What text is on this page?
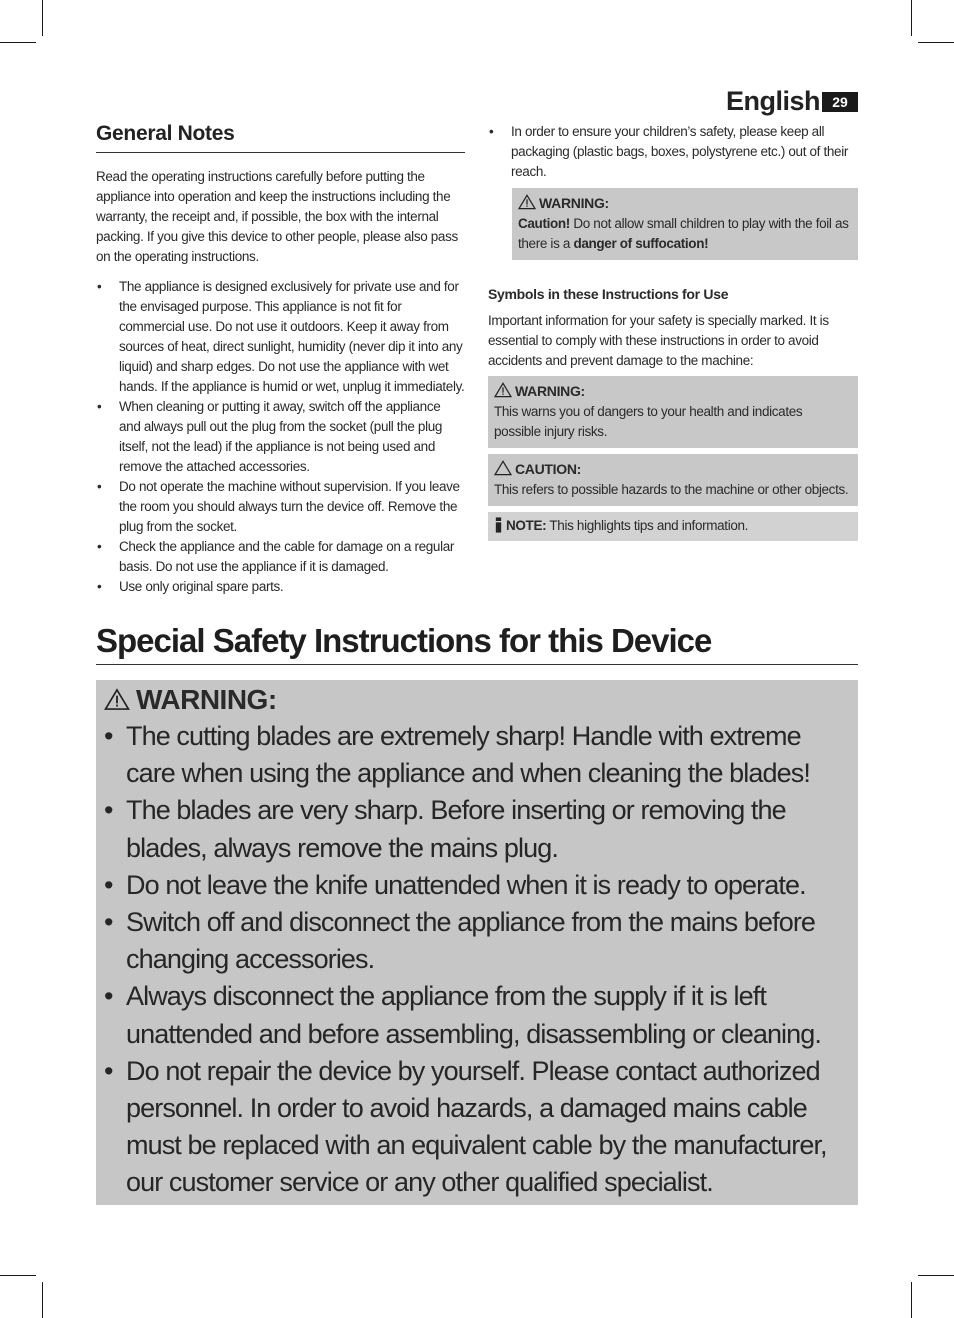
English 29
General Notes

Read the operating instructions carefully before putting the appliance into operation and keep the instructions including the warranty, the receipt and, if possible, the box with the internal packing. If you give this device to other people, please also pass on the operating instructions.

• The appliance is designed exclusively for private use and for the envisaged purpose. This appliance is not fit for commercial use. Do not use it outdoors. Keep it away from sources of heat, direct sunlight, humidity (never dip it into any liquid) and sharp edges. Do not use the appliance with wet hands. If the appliance is humid or wet, unplug it immediately.
• When cleaning or putting it away, switch off the appliance and always pull out the plug from the socket (pull the plug itself, not the lead) if the appliance is not being used and remove the attached accessories.
• Do not operate the machine without supervision. If you leave the room you should always turn the device off. Remove the plug from the socket.
• Check the appliance and the cable for damage on a regular basis. Do not use the appliance if it is damaged.
• Use only original spare parts.
• In order to ensure your children’s safety, please keep all packaging (plastic bags, boxes, polystyrene etc.) out of their reach.
WARNING:
Caution! Do not allow small children to play with the foil as there is a danger of suffocation!
Symbols in these Instructions for Use

Important information for your safety is specially marked. It is essential to comply with these instructions in order to avoid accidents and prevent damage to the machine:

WARNING:
This warns you of dangers to your health and indicates possible injury risks.
CAUTION:
This refers to possible hazards to the machine or other objects.
NOTE: This highlights tips and information.
Special Safety Instructions for this Device
WARNING:
• The cutting blades are extremely sharp! Handle with extreme care when using the appliance and when cleaning the blades!
• The blades are very sharp. Before inserting or removing the blades, always remove the mains plug.
• Do not leave the knife unattended when it is ready to operate.
• Switch off and disconnect the appliance from the mains before changing accessories.
• Always disconnect the appliance from the supply if it is left unattended and before assembling, disassembling or cleaning.
• Do not repair the device by yourself. Please contact authorized personnel. In order to avoid hazards, a damaged mains cable must be replaced with an equivalent cable by the manufacturer, our customer service or any other qualified specialist.
